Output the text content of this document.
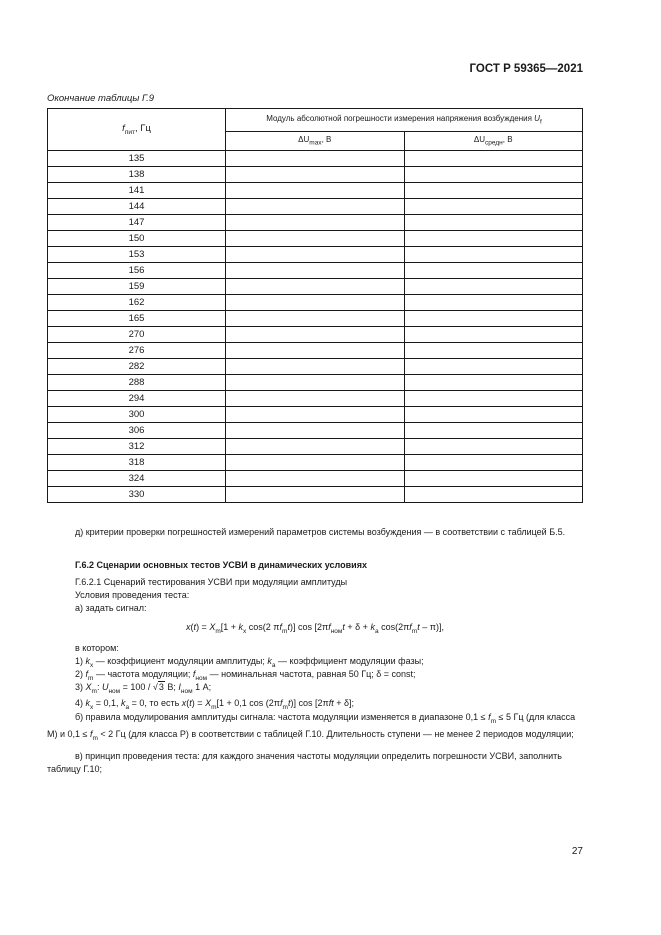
ГОСТ Р 59365—2021
Окончание таблицы Г.9
$f_{пит}$, Гц	Модуль абсолютной погрешности измерения напряжения возбуждения $U_f$
	$\Delta U_{max}$, В	$\Delta U_{средн}$, В
135		
138		
141		
144		
147		
150		
153		
156		
159		
162		
165		
270		
276		
282		
288		
294		
300		
306		
312		
318		
324		
330		
д) критерии проверки погрешностей измерений параметров системы возбуждения — в соответствии с таблицей Б.5.
Г.6.2 Сценарии основных тестов УСВИ в динамических условиях
Г.6.2.1 Сценарий тестирования УСВИ при модуляции амплитуды
Условия проведения теста:
а) задать сигнал:
$x(t) = X_m[1 + k_x$ cos(2 $\pi f_mt$)] $\cos [2\pi f_{ном}t + \delta + k_a$ $\cos(2\pi f_mt - \pi)$],
в котором:
1) $k_x$ — коэффициент модуляции амплитуды; $k_a$ — коэффициент модуляции фазы;
2) $f_m$ — частота модуляции; $f_{ном}$ — номинальная частота, равная 50 Гц; δ = const;
3) $X_m$: $U_{ном} = 100 / √3$ В; $I_{ном}$ 1 А;
4) $k_x = 0,1$, $k_a = 0$, то есть $x(t) = X_m[1 + 0,1$ $\cos (2\pi f_mt)$] cos [2πft + δ];
б) правила модулирования амплитуды сигнала: частота модуляции изменяется в диапазоне $0,1 \le f_m \le 5$ Гц (для класса М) и $0,1 \le f_m < 2$ Гц (для класса Р) в соответствии с таблицей Г.10. Длительность ступени — не менее 2 периодов модуляции;
в) принцип проведения теста: для каждого значения частоты модуляции определить погрешности УСВИ, заполнить таблицу Г.10;
27
